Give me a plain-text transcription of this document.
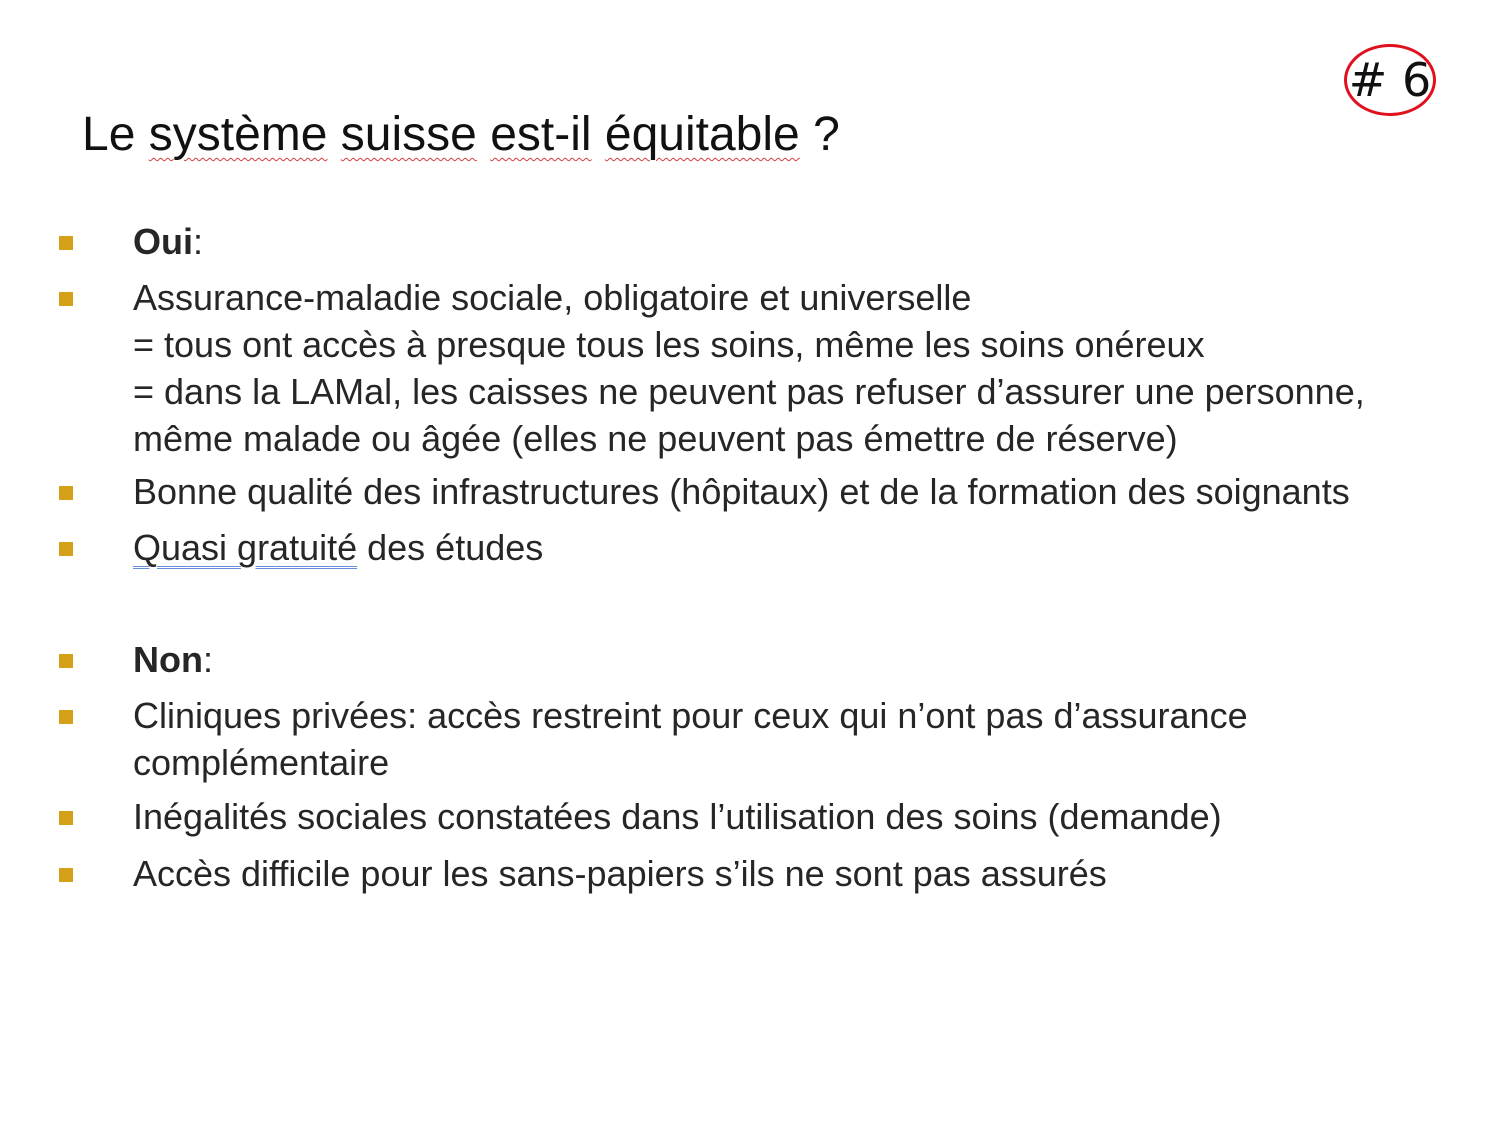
# 6
Le système suisse est-il équitable ?
Oui:
Assurance-maladie sociale, obligatoire et universelle
= tous ont accès à presque tous les soins, même les soins onéreux
= dans la LAMal, les caisses ne peuvent pas refuser d’assurer une personne,
même malade ou âgée (elles ne peuvent pas émettre de réserve)
Bonne qualité des infrastructures (hôpitaux) et de la formation des soignants
Quasi gratuité des études
Non:
Cliniques privées: accès restreint pour ceux qui n’ont pas d’assurance
complémentaire
Inégalités sociales constatées dans l’utilisation des soins (demande)
Accès difficile pour les sans-papiers s’ils ne sont pas assurés
